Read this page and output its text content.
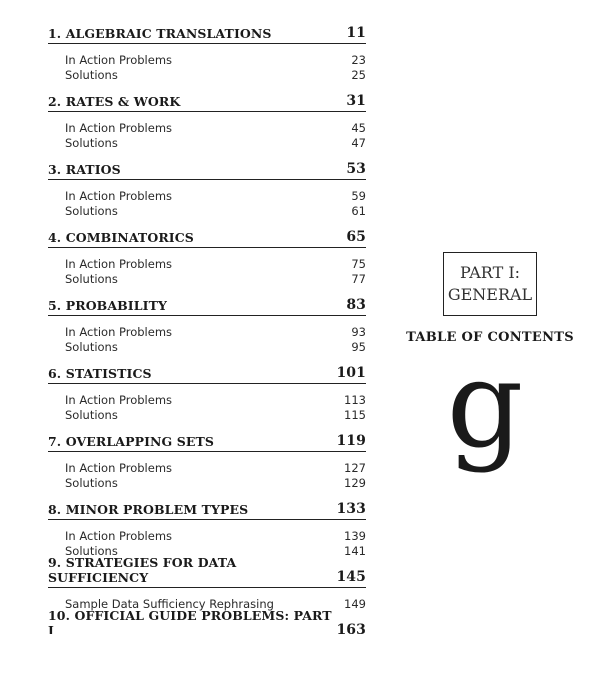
1. ALGEBRAIC TRANSLATIONS	11
In Action Problems	23
Solutions	25
2. RATES & WORK	31
In Action Problems	45
Solutions	47
3. RATIOS	53
In Action Problems	59
Solutions	61
4. COMBINATORICS	65
In Action Problems	75
Solutions	77
5. PROBABILITY	83
In Action Problems	93
Solutions	95
6. STATISTICS	101
In Action Problems	113
Solutions	115
7. OVERLAPPING SETS	119
In Action Problems	127
Solutions	129
8. MINOR PROBLEM TYPES	133
In Action Problems	139
Solutions	141
9. STRATEGIES FOR DATA SUFFICIENCY	145
Sample Data Sufficiency Rephrasing	149
10. OFFICIAL GUIDE PROBLEMS: PART I	163
PART I:
GENERAL
TABLE OF CONTENTS
g
